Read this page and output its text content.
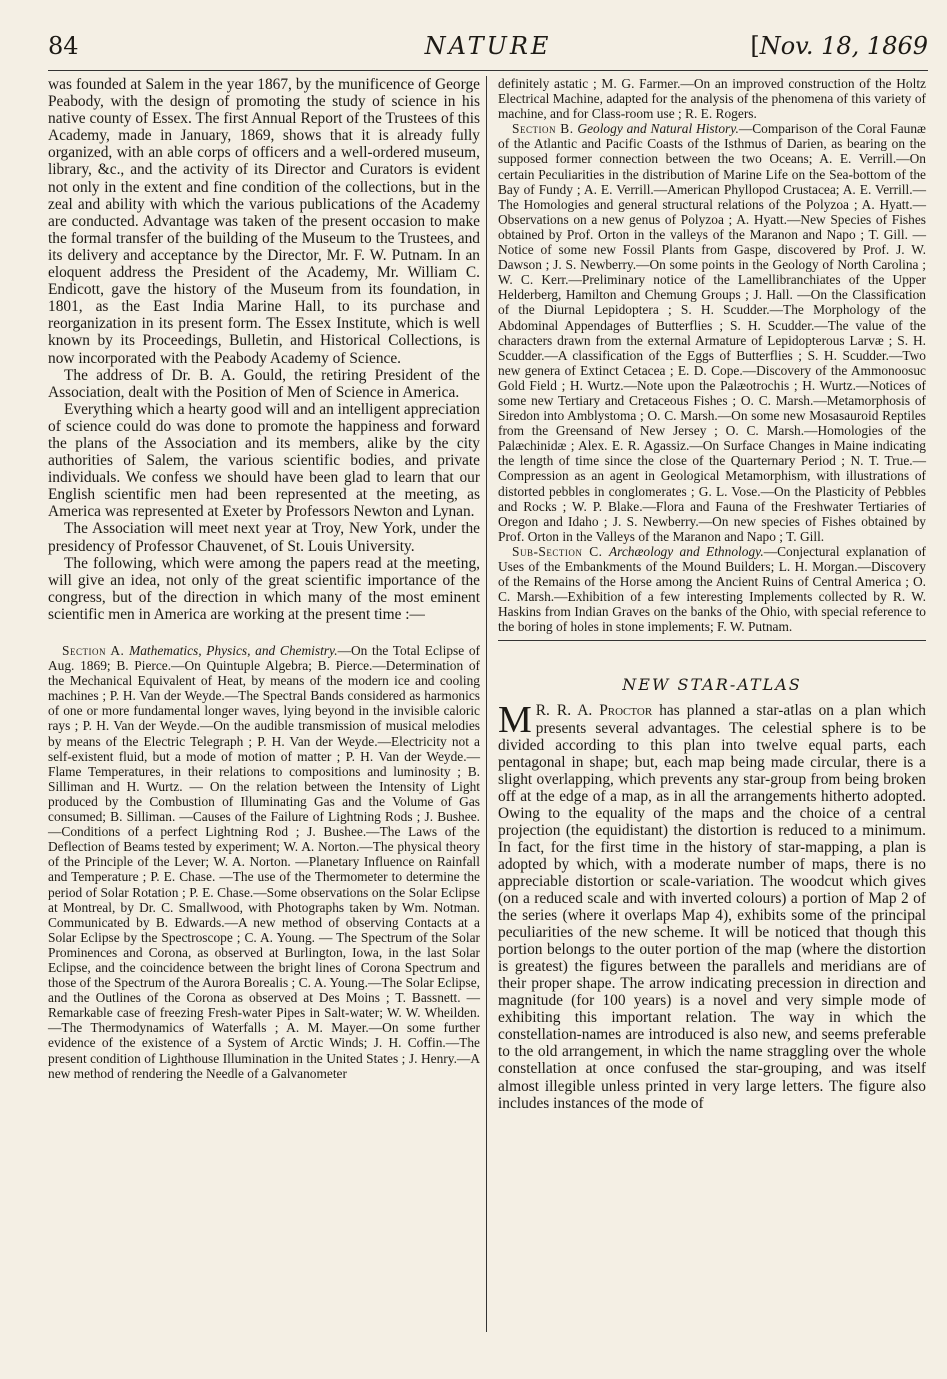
84	NATURE	[Nov. 18, 1869

was founded at Salem in the year 1867, by the munificence of George Peabody, with the design of promoting the study of science in his native county of Essex. The first Annual Report of the Trustees of this Academy, made in January, 1869, shows that it is already fully organized, with an able corps of officers and a well-ordered museum, library, &c., and the activity of its Director and Curators is evident not only in the extent and fine condition of the collections, but in the zeal and ability with which the various publications of the Academy are conducted. Advantage was taken of the present occasion to make the formal transfer of the building of the Museum to the Trustees, and its delivery and acceptance by the Director, Mr. F. W. Putnam. In an eloquent address the President of the Academy, Mr. William C. Endicott, gave the history of the Museum from its foundation, in 1801, as the East India Marine Hall, to its purchase and reorganization in its present form. The Essex Institute, which is well known by its Proceedings, Bulletin, and Historical Collections, is now incorporated with the Peabody Academy of Science.

The address of Dr. B. A. Gould, the retiring President of the Association, dealt with the Position of Men of Science in America.

Everything which a hearty good will and an intelligent appreciation of science could do was done to promote the happiness and forward the plans of the Association and its members, alike by the city authorities of Salem, the various scientific bodies, and private individuals. We confess we should have been glad to learn that our English scientific men had been represented at the meeting, as America was represented at Exeter by Professors Newton and Lynan.

The Association will meet next year at Troy, New York, under the presidency of Professor Chauvenet, of St. Louis University.

The following, which were among the papers read at the meeting, will give an idea, not only of the great scientific importance of the congress, but of the direction in which many of the most eminent scientific men in America are working at the present time :—

Section A. Mathematics, Physics, and Chemistry.—On the Total Eclipse of Aug. 1869; B. Pierce.—On Quintuple Algebra; B. Pierce.—Determination of the Mechanical Equivalent of Heat, by means of the modern ice and cooling machines ; P. H. Van der Weyde.—The Spectral Bands considered as harmonics of one or more fundamental longer waves, lying beyond in the invisible caloric rays ; P. H. Van der Weyde.—On the audible transmission of musical melodies by means of the Electric Telegraph ; P. H. Van der Weyde.—Electricity not a self-existent fluid, but a mode of motion of matter ; P. H. Van der Weyde.—Flame Temperatures, in their relations to compositions and luminosity ; B. Silliman and H. Wurtz. — On the relation between the Intensity of Light produced by the Combustion of Illuminating Gas and the Volume of Gas consumed; B. Silliman. —Causes of the Failure of Lightning Rods ; J. Bushee.—Conditions of a perfect Lightning Rod ; J. Bushee.—The Laws of the Deflection of Beams tested by experiment; W. A. Norton.—The physical theory of the Principle of the Lever; W. A. Norton. —Planetary Influence on Rainfall and Temperature ; P. E. Chase. —The use of the Thermometer to determine the period of Solar Rotation ; P. E. Chase.—Some observations on the Solar Eclipse at Montreal, by Dr. C. Smallwood, with Photographs taken by Wm. Notman. Communicated by B. Edwards.—A new method of observing Contacts at a Solar Eclipse by the Spectroscope ; C. A. Young. — The Spectrum of the Solar Prominences and Corona, as observed at Burlington, Iowa, in the last Solar Eclipse, and the coincidence between the bright lines of Corona Spectrum and those of the Spectrum of the Aurora Borealis ; C. A. Young.—The Solar Eclipse, and the Outlines of the Corona as observed at Des Moins ; T. Bassnett. —Remarkable case of freezing Fresh-water Pipes in Salt-water; W. W. Wheilden.—The Thermodynamics of Waterfalls ; A. M. Mayer.—On some further evidence of the existence of a System of Arctic Winds; J. H. Coffin.—The present condition of Lighthouse Illumination in the United States ; J. Henry.—A new method of rendering the Needle of a Galvanometer

definitely astatic ; M. G. Farmer.—On an improved construction of the Holtz Electrical Machine, adapted for the analysis of the phenomena of this variety of machine, and for Class-room use ; R. E. Rogers.

Section B. Geology and Natural History.—Comparison of the Coral Faunæ of the Atlantic and Pacific Coasts of the Isthmus of Darien, as bearing on the supposed former connection between the two Oceans; A. E. Verrill.—On certain Peculiarities in the distribution of Marine Life on the Sea-bottom of the Bay of Fundy ; A. E. Verrill.—American Phyllopod Crustacea; A. E. Verrill.—The Homologies and general structural relations of the Polyzoa ; A. Hyatt.—Observations on a new genus of Polyzoa ; A. Hyatt.—New Species of Fishes obtained by Prof. Orton in the valleys of the Maranon and Napo ; T. Gill. —Notice of some new Fossil Plants from Gaspe, discovered by Prof. J. W. Dawson ; J. S. Newberry.—On some points in the Geology of North Carolina ; W. C. Kerr.—Preliminary notice of the Lamellibranchiates of the Upper Helderberg, Hamilton and Chemung Groups ; J. Hall. —On the Classification of the Diurnal Lepidoptera ; S. H. Scudder.—The Morphology of the Abdominal Appendages of Butterflies ; S. H. Scudder.—The value of the characters drawn from the external Armature of Lepidopterous Larvæ ; S. H. Scudder.—A classification of the Eggs of Butterflies ; S. H. Scudder.—Two new genera of Extinct Cetacea ; E. D. Cope.—Discovery of the Ammonoosuc Gold Field ; H. Wurtz.—Note upon the Palæotrochis ; H. Wurtz.—Notices of some new Tertiary and Cretaceous Fishes ; O. C. Marsh.—Metamorphosis of Siredon into Amblystoma ; O. C. Marsh.—On some new Mosasauroid Reptiles from the Greensand of New Jersey ; O. C. Marsh.—Homologies of the Palæchinidæ ; Alex. E. R. Agassiz.—On Surface Changes in Maine indicating the length of time since the close of the Quarternary Period ; N. T. True.—Compression as an agent in Geological Metamorphism, with illustrations of distorted pebbles in conglomerates ; G. L. Vose.—On the Plasticity of Pebbles and Rocks ; W. P. Blake.—Flora and Fauna of the Freshwater Tertiaries of Oregon and Idaho ; J. S. Newberry.—On new species of Fishes obtained by Prof. Orton in the Valleys of the Maranon and Napo ; T. Gill.

Sub-Section C. Archæology and Ethnology.—Conjectural explanation of Uses of the Embankments of the Mound Builders; L. H. Morgan.—Discovery of the Remains of the Horse among the Ancient Ruins of Central America ; O. C. Marsh.—Exhibition of a few interesting Implements collected by R. W. Haskins from Indian Graves on the banks of the Ohio, with special reference to the boring of holes in stone implements; F. W. Putnam.

NEW STAR-ATLAS

M R. R. A. Proctor has planned a star-atlas on a plan which presents several advantages. The celestial sphere is to be divided according to this plan into twelve equal parts, each pentagonal in shape; but, each map being made circular, there is a slight overlapping, which prevents any star-group from being broken off at the edge of a map, as in all the arrangements hitherto adopted. Owing to the equality of the maps and the choice of a central projection (the equidistant) the distortion is reduced to a minimum. In fact, for the first time in the history of star-mapping, a plan is adopted by which, with a moderate number of maps, there is no appreciable distortion or scale-variation. The woodcut which gives (on a reduced scale and with inverted colours) a portion of Map 2 of the series (where it overlaps Map 4), exhibits some of the principal peculiarities of the new scheme. It will be noticed that though this portion belongs to the outer portion of the map (where the distortion is greatest) the figures between the parallels and meridians are of their proper shape. The arrow indicating precession in direction and magnitude (for 100 years) is a novel and very simple mode of exhibiting this important relation. The way in which the constellation-names are introduced is also new, and seems preferable to the old arrangement, in which the name straggling over the whole constellation at once confused the star-grouping, and was itself almost illegible unless printed in very large letters. The figure also includes instances of the mode of
